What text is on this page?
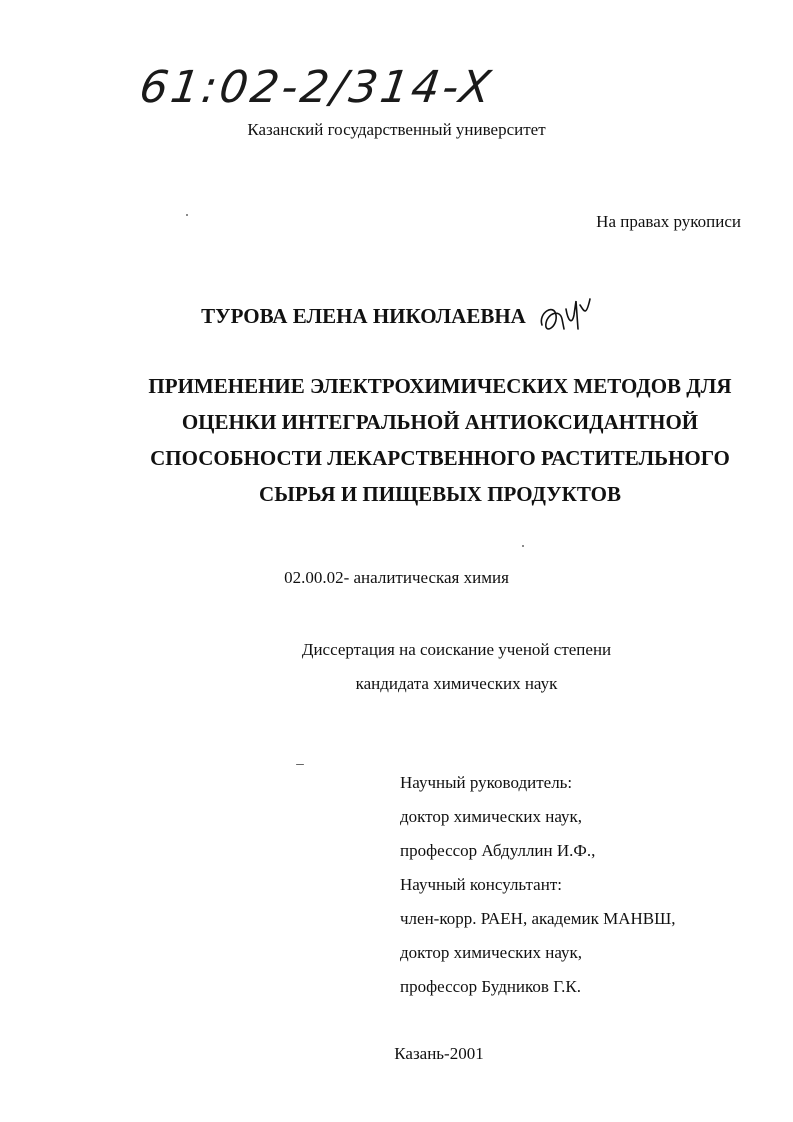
61:02-2/314-X
Казанский государственный университет
На правах рукописи
ТУРОВА ЕЛЕНА НИКОЛАЕВНА
ПРИМЕНЕНИЕ ЭЛЕКТРОХИМИЧЕСКИХ МЕТОДОВ ДЛЯ
ОЦЕНКИ ИНТЕГРАЛЬНОЙ АНТИОКСИДАНТНОЙ
СПОСОБНОСТИ ЛЕКАРСТВЕННОГО РАСТИТЕЛЬНОГО
СЫРЬЯ И ПИЩЕВЫХ ПРОДУКТОВ
02.00.02- аналитическая химия
Диссертация на соискание ученой степени
кандидата химических наук
Научный руководитель:
доктор химических наук,
профессор Абдуллин И.Ф.,
Научный консультант:
член-корр. РАЕН, академик МАНВШ,
доктор химических наук,
профессор Будников Г.К.
Казань-2001
